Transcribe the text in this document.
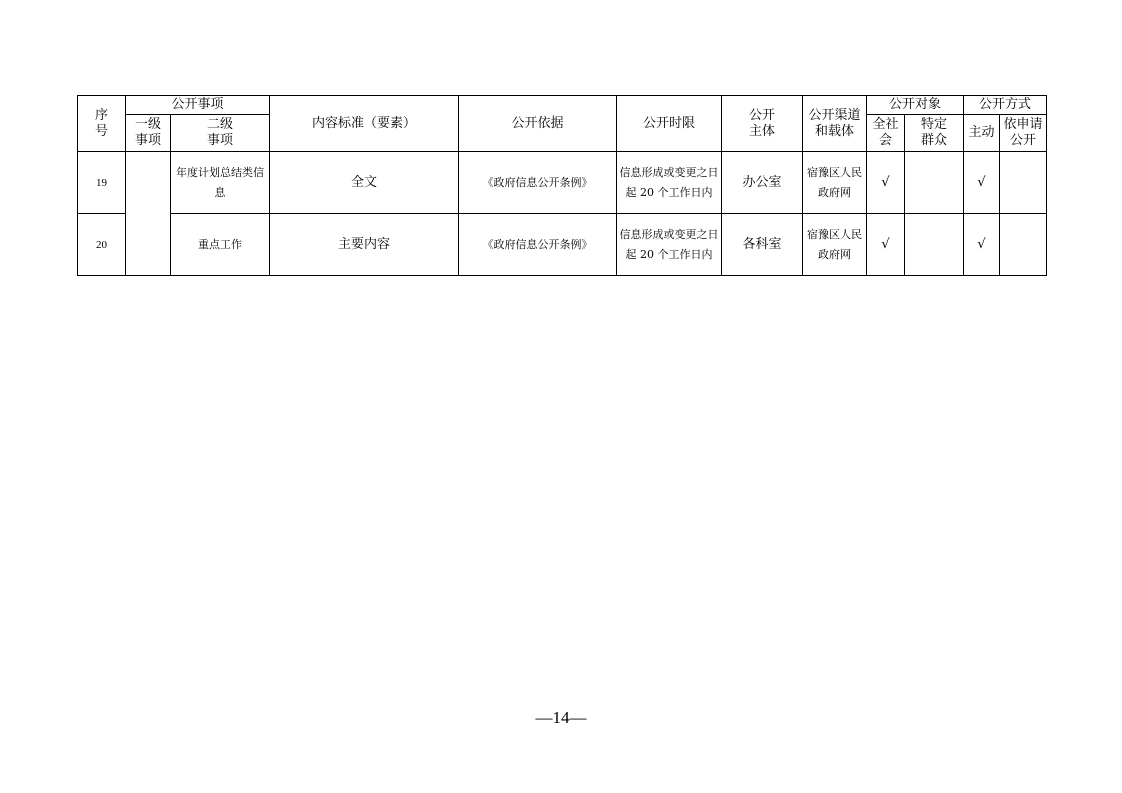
序号	公开事项		内容标准（要素）	公开依据	公开时限	公开主体	公开渠道和载体	公开对象		公开方式	
	一级事项	二级事项						全社会	特定群众	主动	依申请公开
19		年度计划总结类信息	全文	《政府信息公开条例》	信息形成或变更之日起 20 个工作日内	办公室	宿豫区人民政府网	√		√	
20		重点工作	主要内容	《政府信息公开条例》	信息形成或变更之日起 20 个工作日内	各科室	宿豫区人民政府网	√		√	
—14—
